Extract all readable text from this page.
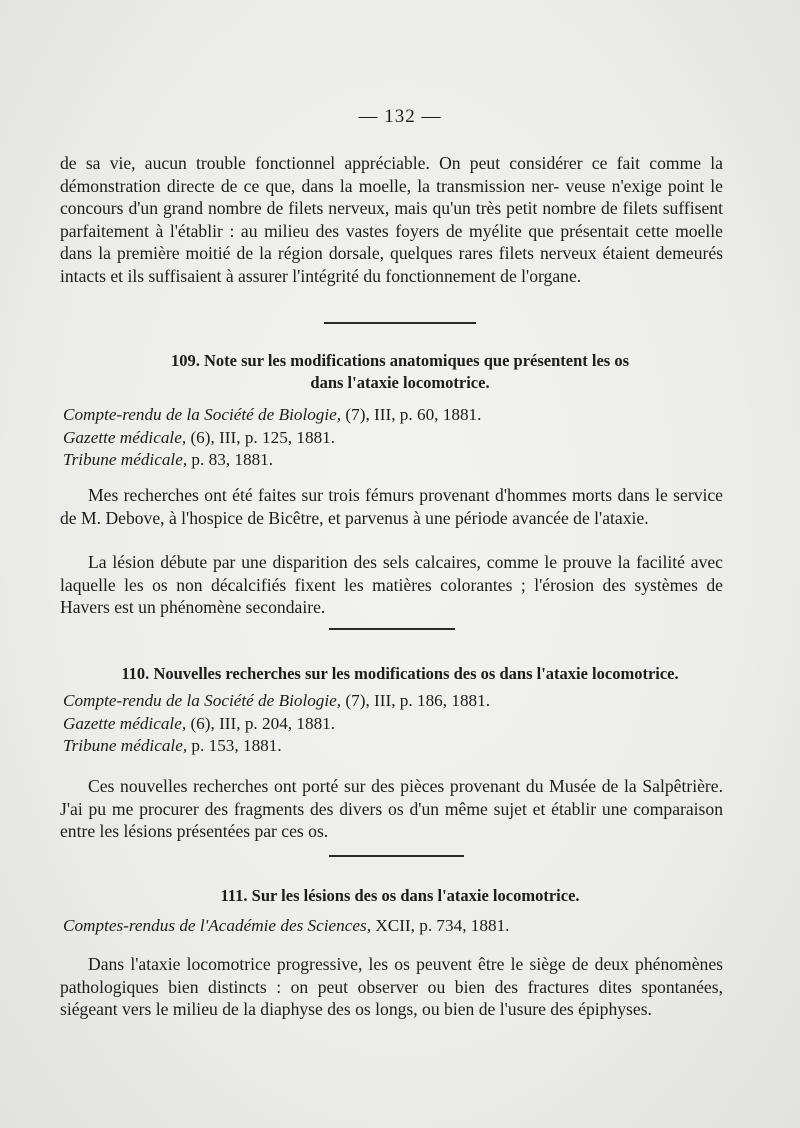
— 132 —

de sa vie, aucun trouble fonctionnel appréciable. On peut considérer ce fait comme la démonstration directe de ce que, dans la moelle, la transmission ner- veuse n'exige point le concours d'un grand nombre de filets nerveux, mais qu'un très petit nombre de filets suffisent parfaitement à l'établir : au milieu des vastes foyers de myélite que présentait cette moelle dans la première moitié de la région dorsale, quelques rares filets nerveux étaient demeurés intacts et ils suffisaient à assurer l'intégrité du fonctionnement de l'organe.

109. Note sur les modifications anatomiques que présentent les os
dans l'ataxie locomotrice.

Compte-rendu de la Société de Biologie, (7), III, p. 60, 1881.
Gazette médicale, (6), III, p. 125, 1881.
Tribune médicale, p. 83, 1881.

Mes recherches ont été faites sur trois fémurs provenant d'hommes morts dans le service de M. Debove, à l'hospice de Bicêtre, et parvenus à une période avancée de l'ataxie.

La lésion débute par une disparition des sels calcaires, comme le prouve la facilité avec laquelle les os non décalcifiés fixent les matières colorantes ; l'érosion des systèmes de Havers est un phénomène secondaire.

110. Nouvelles recherches sur les modifications des os dans l'ataxie locomotrice.

Compte-rendu de la Société de Biologie, (7), III, p. 186, 1881.
Gazette médicale, (6), III, p. 204, 1881.
Tribune médicale, p. 153, 1881.

Ces nouvelles recherches ont porté sur des pièces provenant du Musée de la Salpêtrière. J'ai pu me procurer des fragments des divers os d'un même sujet et établir une comparaison entre les lésions présentées par ces os.

111. Sur les lésions des os dans l'ataxie locomotrice.

Comptes-rendus de l'Académie des Sciences, XCII, p. 734, 1881.

Dans l'ataxie locomotrice progressive, les os peuvent être le siège de deux phénomènes pathologiques bien distincts : on peut observer ou bien des fractures dites spontanées, siégeant vers le milieu de la diaphyse des os longs, ou bien de l'usure des épiphyses.
